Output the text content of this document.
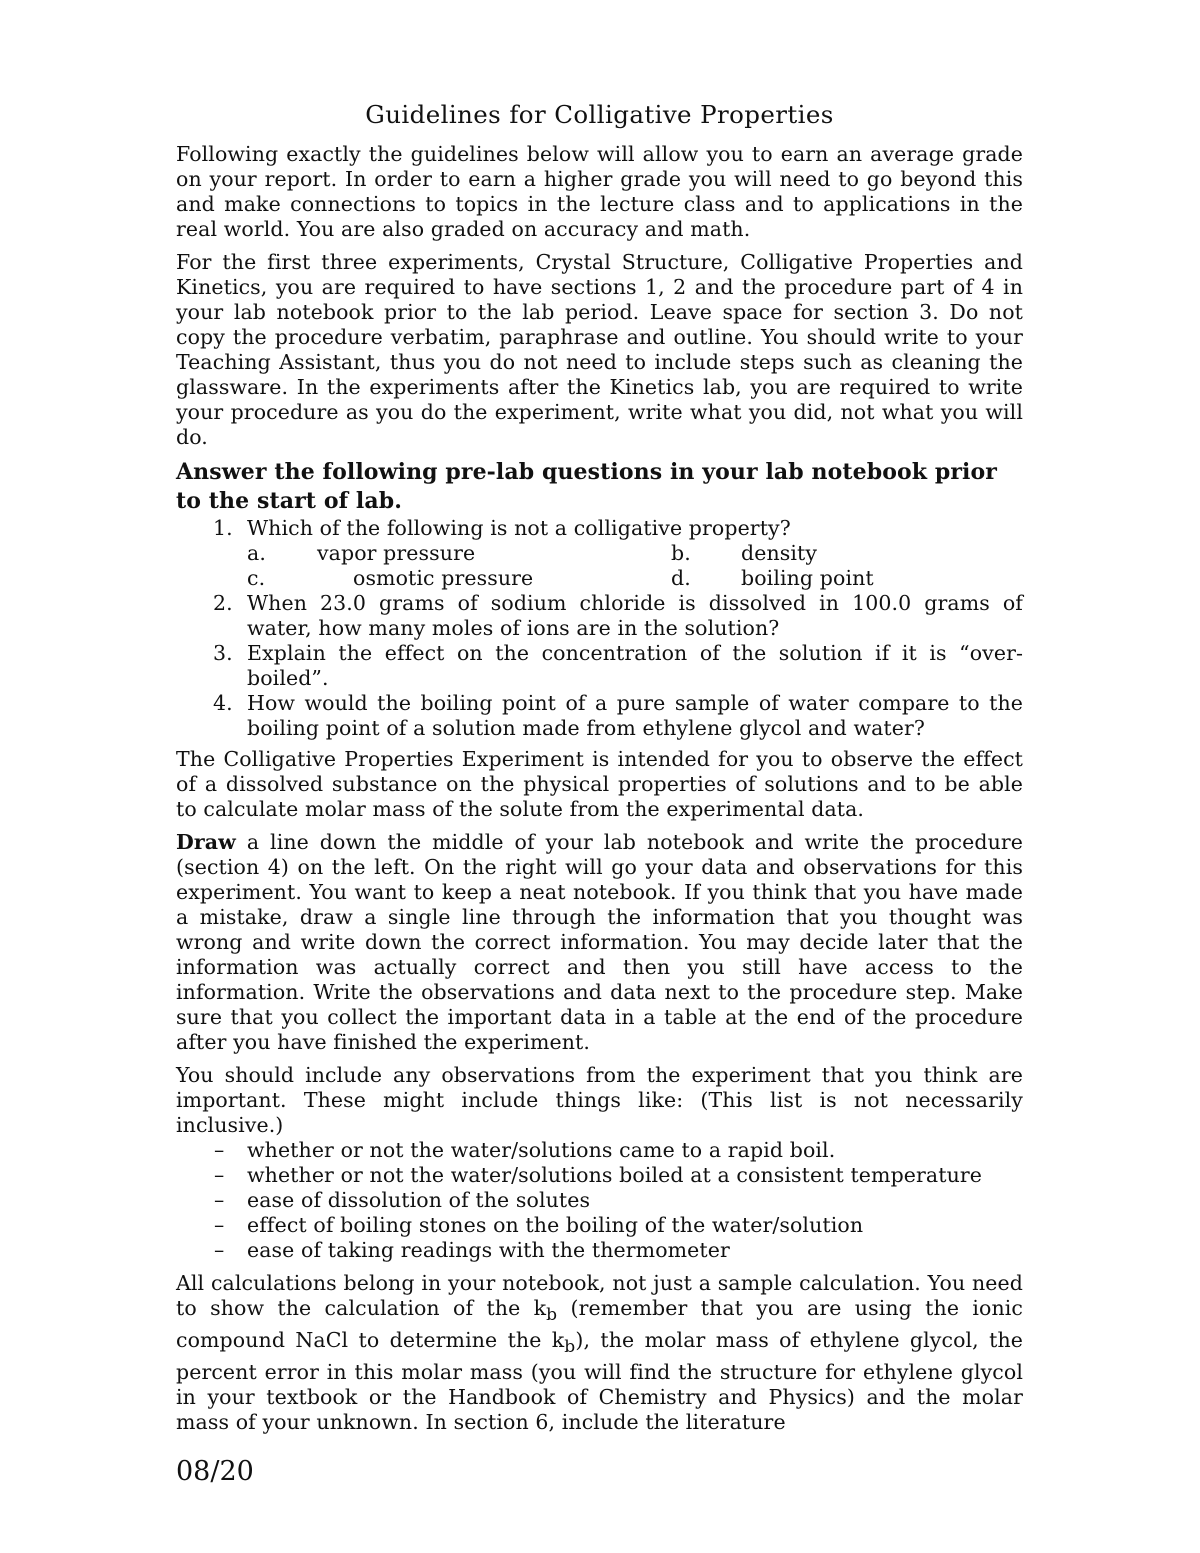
Guidelines for Colligative Properties

Following exactly the guidelines below will allow you to earn an average grade on your report. In order to earn a higher grade you will need to go beyond this and make connections to topics in the lecture class and to applications in the real world. You are also graded on accuracy and math.

For the first three experiments, Crystal Structure, Colligative Properties and Kinetics, you are required to have sections 1, 2 and the procedure part of 4 in your lab notebook prior to the lab period. Leave space for section 3. Do not copy the procedure verbatim, paraphrase and outline. You should write to your Teaching Assistant, thus you do not need to include steps such as cleaning the glassware. In the experiments after the Kinetics lab, you are required to write your procedure as you do the experiment, write what you did, not what you will do.

Answer the following pre-lab questions in your lab notebook prior to the start of lab.

1. Which of the following is not a colligative property?
a.	vapor pressure	b.	density
c.	osmotic pressure	d.	boiling point
2. When 23.0 grams of sodium chloride is dissolved in 100.0 grams of water, how many moles of ions are in the solution?
3. Explain the effect on the concentration of the solution if it is “over-boiled”.
4. How would the boiling point of a pure sample of water compare to the boiling point of a solution made from ethylene glycol and water?

The Colligative Properties Experiment is intended for you to observe the effect of a dissolved substance on the physical properties of solutions and to be able to calculate molar mass of the solute from the experimental data.

Draw a line down the middle of your lab notebook and write the procedure (section 4) on the left. On the right will go your data and observations for this experiment. You want to keep a neat notebook. If you think that you have made a mistake, draw a single line through the information that you thought was wrong and write down the correct information. You may decide later that the information was actually correct and then you still have access to the information. Write the observations and data next to the procedure step. Make sure that you collect the important data in a table at the end of the procedure after you have finished the experiment.

You should include any observations from the experiment that you think are important. These might include things like: (This list is not necessarily inclusive.)

– whether or not the water/solutions came to a rapid boil.
– whether or not the water/solutions boiled at a consistent temperature
– ease of dissolution of the solutes
– effect of boiling stones on the boiling of the water/solution
– ease of taking readings with the thermometer

All calculations belong in your notebook, not just a sample calculation. You need to show the calculation of the $k_b$ (remember that you are using the ionic compound NaCl to determine the $k_b$), the molar mass of ethylene glycol, the percent error in this molar mass (you will find the structure for ethylene glycol in your textbook or the Handbook of Chemistry and Physics) and the molar mass of your unknown. In section 6, include the literature

08/20
